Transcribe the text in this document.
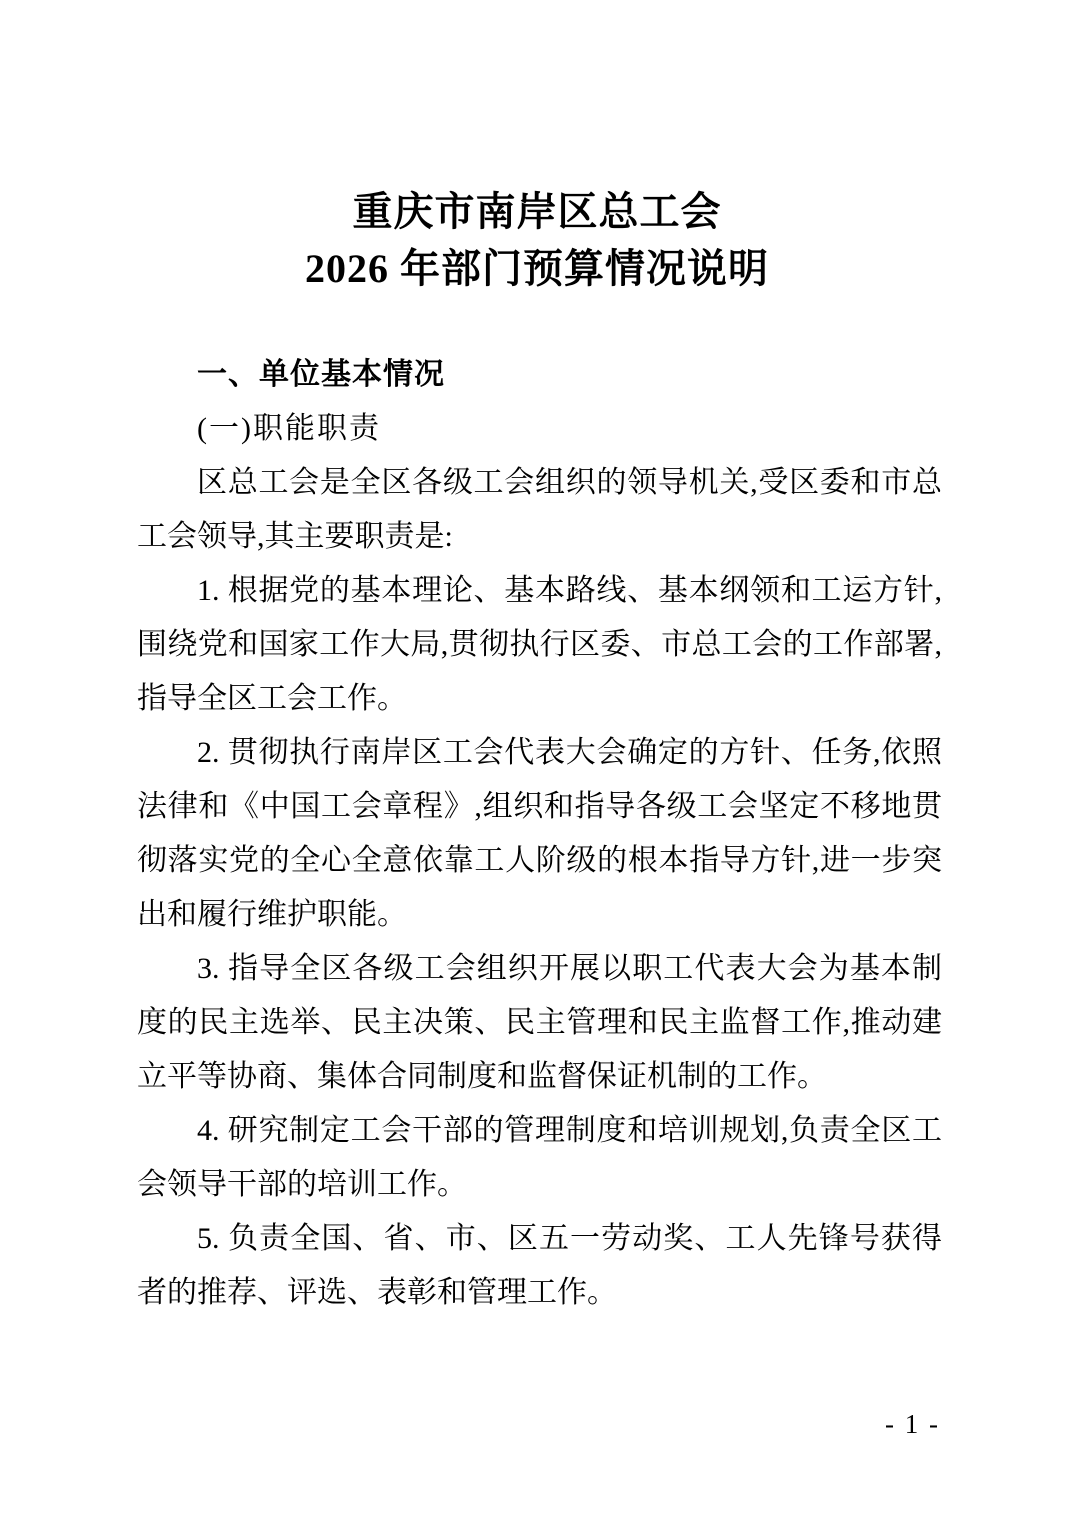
重庆市南岸区总工会
2026 年部门预算情况说明

一、单位基本情况

(一)职能职责

区总工会是全区各级工会组织的领导机关,受区委和市总工会领导,其主要职责是:

1. 根据党的基本理论、基本路线、基本纲领和工运方针,围绕党和国家工作大局,贯彻执行区委、市总工会的工作部署,指导全区工会工作。

2. 贯彻执行南岸区工会代表大会确定的方针、任务,依照法律和《中国工会章程》,组织和指导各级工会坚定不移地贯彻落实党的全心全意依靠工人阶级的根本指导方针,进一步突出和履行维护职能。

3. 指导全区各级工会组织开展以职工代表大会为基本制度的民主选举、民主决策、民主管理和民主监督工作,推动建立平等协商、集体合同制度和监督保证机制的工作。

4. 研究制定工会干部的管理制度和培训规划,负责全区工会领导干部的培训工作。

5. 负责全国、省、市、区五一劳动奖、工人先锋号获得者的推荐、评选、表彰和管理工作。

- 1 -
